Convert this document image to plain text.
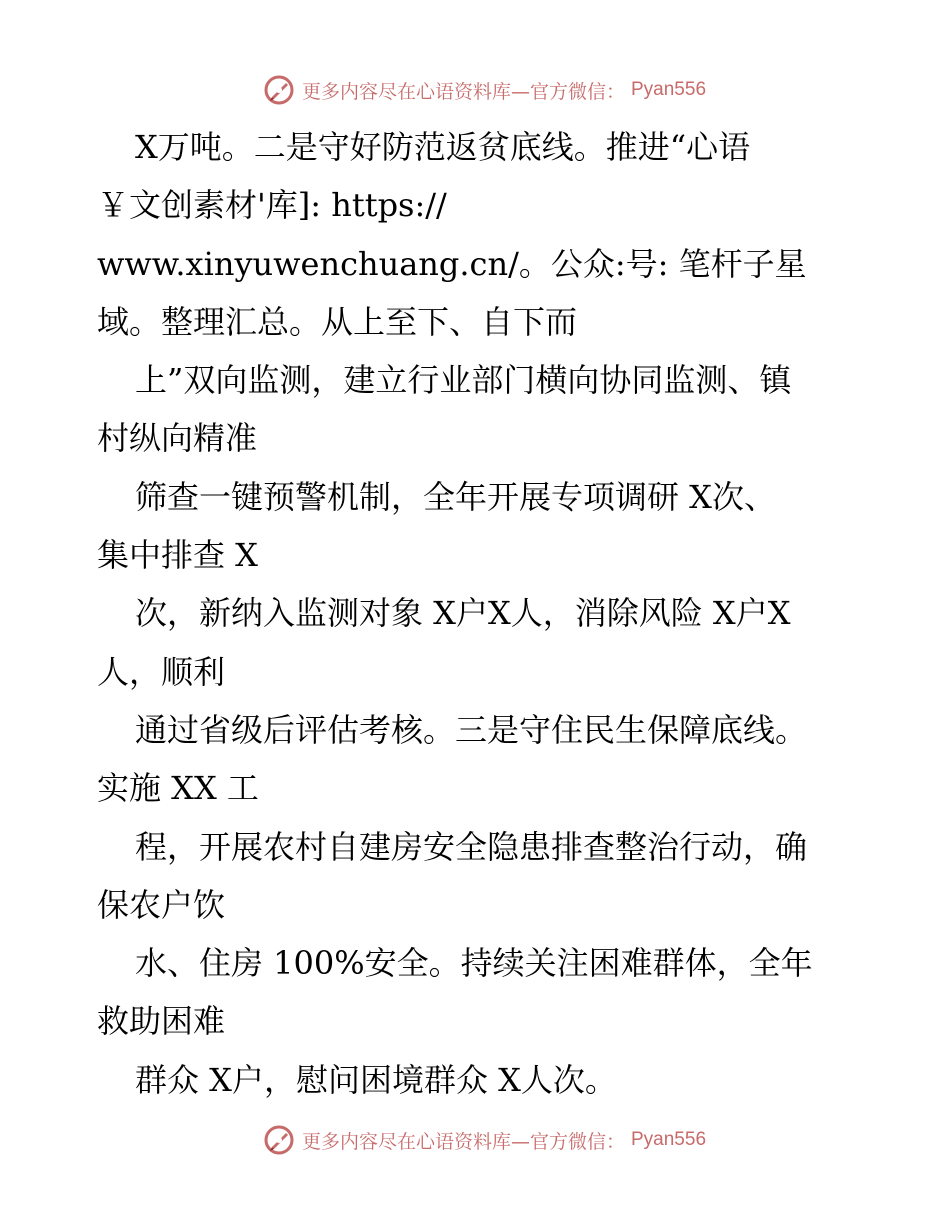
更多内容尽在心语资料库—官方微信： Pyan556
X万吨。二是守好防范返贫底线。推进“心语
￥文创素材'库]: https://
www.xinyuwenchuang.cn/。公众:号: 笔杆子星
域。整理汇总。从上至下、自下而
上”双向监测，建立行业部门横向协同监测、镇
村纵向精准
筛查一键预警机制，全年开展专项调研 X次、
集中排查 X
次，新纳入监测对象 X户X人，消除风险 X户X
人，顺利
通过省级后评估考核。三是守住民生保障底线。
实施 XX 工
程，开展农村自建房安全隐患排查整治行动，确
保农户饮
水、住房 100%安全。持续关注困难群体，全年
救助困难
群众 X户，慰问困境群众 X人次。
更多内容尽在心语资料库—官方微信： Pyan556
